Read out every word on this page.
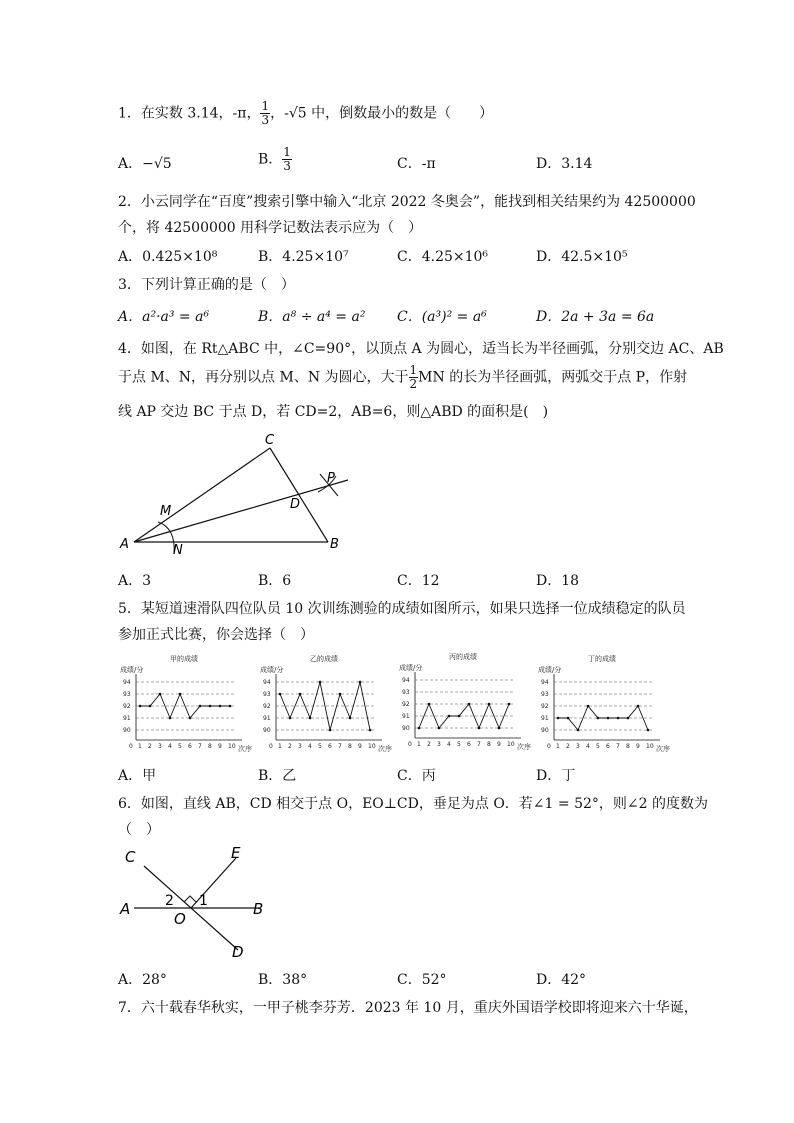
1．在实数 3.14，-π， $\frac{1}{3}$ ，-√5 中，倒数最小的数是（　　）
A．−√5	B． $\frac{1}{3}$	C．-π	D．3.14
2．小云同学在“百度”搜索引擎中输入“北京 2022 冬奥会”，能找到相关结果约为 42500000
个，将 42500000 用科学记数法表示应为（　）
A．0.425×10⁸	B．4.25×10⁷	C．4.25×10⁶	D．42.5×10⁵
3．下列计算正确的是（　）
A．a²·a³ = a⁶	B．a⁸ ÷ a⁴ = a² C．(a³)² = a⁶	D．2a + 3a = 6a
4．如图，在 Rt△ABC 中，∠C=90°，以顶点 A 为圆心，适当长为半径画弧，分别交边 AC、AB
于点 M、N，再分别以点 M、N 为圆心，大于 $\frac{1}{2}$ MN 的长为半径画弧，两弧交于点 P，作射
线 AP 交边 BC 于点 D，若 CD=2，AB=6，则△ABD 的面积是(　)
A	B
C
D
M
N
P
A．3	B．6	C．12	D．18
5．某短道速滑队四位队员 10 次训练测验的成绩如图所示，如果只选择一位成绩稳定的队员
参加正式比赛，你会选择（　）
甲的成绩
成绩/分
次序
90
91
92
93
94
0 1 2 3 4 5 6 7 8 9 10
乙的成绩
成绩/分
次序
90
91
92
93
94
0 1 2 3 4 5 6 7 8 9 10
丙的成绩
成绩/分
次序
90
91
92
93
94
0 1 2 3 4 5 6 7 8 9 10
丁的成绩
成绩/分
次序
90
91
92
93
94
0 1 2 3 4 5 6 7 8 9 10
A．甲	B．乙	C．丙	D．丁
6．如图，直线 AB，CD 相交于点 O，EO⊥CD，垂足为点 O．若∠1 = 52°，则∠2 的度数为
（　）
A	B
C
D
E
O
1
2
A．28°	B．38°	C．52°	D．42°
7．六十载春华秋实，一甲子桃李芬芳．2023 年 10 月，重庆外国语学校即将迎来六十华诞，
